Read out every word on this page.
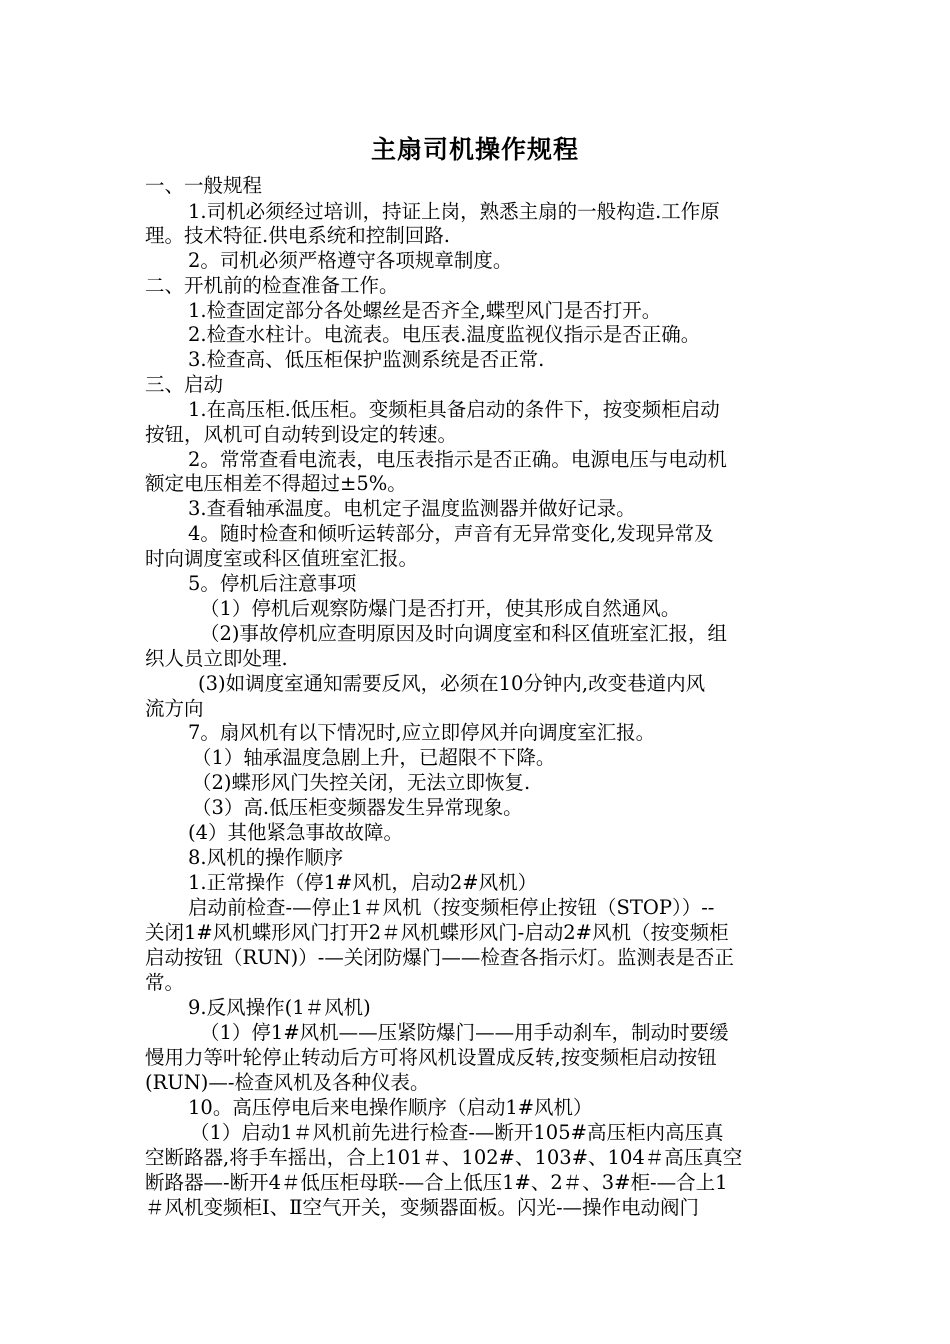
主扇司机操作规程
一、一般规程
1.司机必须经过培训，持证上岗，熟悉主扇的一般构造.工作原
理。技术特征.供电系统和控制回路.
2。司机必须严格遵守各项规章制度。
二、开机前的检查准备工作。
1.检查固定部分各处螺丝是否齐全,蝶型风门是否打开。
2.检查水柱计。电流表。电压表.温度监视仪指示是否正确。
3.检查高、低压柜保护监测系统是否正常.
三、启动
1.在高压柜.低压柜。变频柜具备启动的条件下，按变频柜启动
按钮，风机可自动转到设定的转速。
2。常常查看电流表，电压表指示是否正确。电源电压与电动机
额定电压相差不得超过±5%。
3.查看轴承温度。电机定子温度监测器并做好记录。
4。随时检查和倾听运转部分，声音有无异常变化,发现异常及
时向调度室或科区值班室汇报。
5。停机后注意事项
（1）停机后观察防爆门是否打开，使其形成自然通风。
（2)事故停机应查明原因及时向调度室和科区值班室汇报，组
织人员立即处理.
(3)如调度室通知需要反风，必须在10分钟内,改变巷道内风
流方向
7。扇风机有以下情况时,应立即停风并向调度室汇报。
（1）轴承温度急剧上升，已超限不下降。
（2)蝶形风门失控关闭，无法立即恢复.
（3）高.低压柜变频器发生异常现象。
(4）其他紧急事故故障。
8.风机的操作顺序
1.正常操作（停1#风机，启动2#风机）
启动前检查-—停止1＃风机（按变频柜停止按钮（STOP））--
关闭1#风机蝶形风门打开2＃风机蝶形风门-启动2#风机（按变频柜
启动按钮（RUN)）-—关闭防爆门——检查各指示灯。监测表是否正
常。
9.反风操作(1＃风机)
（1）停1#风机——压紧防爆门——用手动刹车，制动时要缓
慢用力等叶轮停止转动后方可将风机设置成反转,按变频柜启动按钮
(RUN)—-检查风机及各种仪表。
10。高压停电后来电操作顺序（启动1#风机）
（1）启动1＃风机前先进行检查-—断开105#高压柜内高压真
空断路器,将手车摇出，合上101＃、102#、103#、104＃高压真空
断路器—-断开4＃低压柜母联-—合上低压1#、2＃、3#柜-—合上1
＃风机变频柜Ⅰ、Ⅱ空气开关，变频器面板。闪光-—操作电动阀门
